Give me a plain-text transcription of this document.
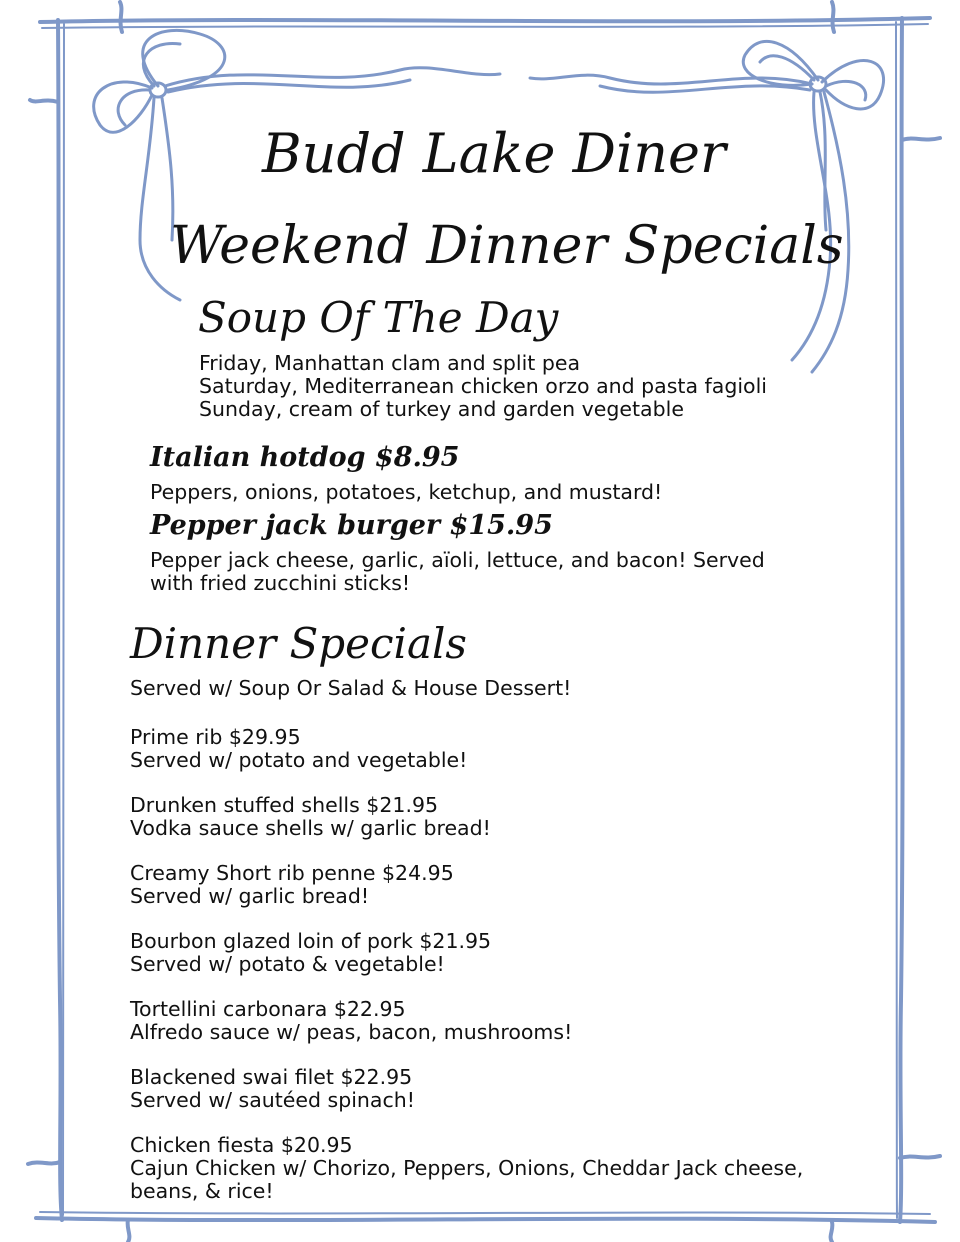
Budd Lake Diner
Weekend Dinner Specials
Soup Of The Day
Friday, Manhattan clam and split pea
Saturday, Mediterranean chicken orzo and pasta fagioli
Sunday, cream of turkey and garden vegetable
Italian hotdog $8.95
Peppers, onions, potatoes, ketchup, and mustard!
Pepper jack burger $15.95
Pepper jack cheese, garlic, aïoli, lettuce, and bacon! Served
with fried zucchini sticks!
Dinner Specials
Served w/ Soup Or Salad & House Dessert!
Prime rib $29.95
Served w/ potato and vegetable!
Drunken stuffed shells $21.95
Vodka sauce shells w/ garlic bread!
Creamy Short rib penne $24.95
Served w/ garlic bread!
Bourbon glazed loin of pork $21.95
Served w/ potato & vegetable!
Tortellini carbonara $22.95
Alfredo sauce w/ peas, bacon, mushrooms!
Blackened swai filet $22.95
Served w/ sautéed spinach!
Chicken fiesta $20.95
Cajun Chicken w/ Chorizo, Peppers, Onions, Cheddar Jack cheese,
beans, & rice!
